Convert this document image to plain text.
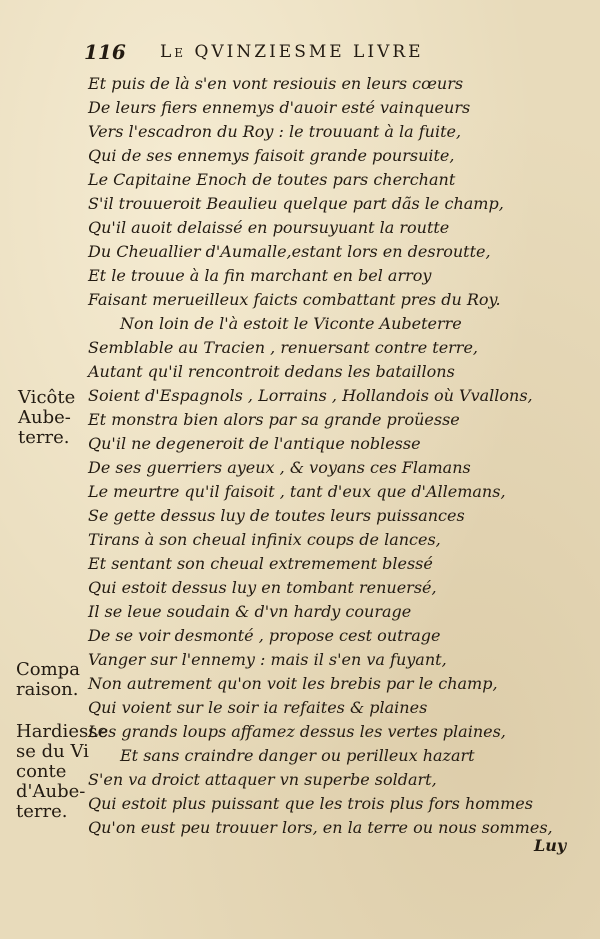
116 Le QVINZIESME LIVRE
Et puis de là s'en vont resiouis en leurs cœurs
De leurs fiers ennemys d'auoir esté vainqueurs
Vers l'escadron du Roy : le trouuant à la fuite,
Qui de ses ennemys faisoit grande poursuite,
Le Capitaine Enoch de toutes pars cherchant
S'il trouueroit Beaulieu quelque part dãs le champ,
Qu'il auoit delaissé en poursuyuant la routte
Du Cheuallier d'Aumalle,estant lors en desroutte,
Et le trouue à la fin marchant en bel arroy
Faisant merueilleux faicts combattant pres du Roy.
Non loin de l'à estoit le Viconte Aubeterre
Semblable au Tracien , renuersant contre terre,
Autant qu'il rencontroit dedans les bataillons
Soient d'Espagnols , Lorrains , Hollandois où Vvallons,
Et monstra bien alors par sa grande proüesse
Qu'il ne degeneroit de l'antique noblesse
De ses guerriers ayeux , & voyans ces Flamans
Le meurtre qu'il faisoit , tant d'eux que d'Allemans,
Se gette dessus luy de toutes leurs puissances
Tirans à son cheual infinix coups de lances,
Et sentant son cheual extremement blessé
Qui estoit dessus luy en tombant renuersé,
Il se leue soudain & d'vn hardy courage
De se voir desmonté , propose cest outrage
Vanger sur l'ennemy : mais il s'en va fuyant,
Non autrement qu'on voit les brebis par le champ,
Qui voient sur le soir ia refaites & plaines
Les grands loups affamez dessus les vertes plaines,
Et sans craindre danger ou perilleux hazart
S'en va droict attaquer vn superbe soldart,
Qui estoit plus puissant que les trois plus fors hommes
Qu'on eust peu trouuer lors, en la terre ou nous sommes,
Vicôte
Aube-
terre.
Compa
raison.
Hardiesse
se du Vi
conte
d'Aube-
terre.
Luy
